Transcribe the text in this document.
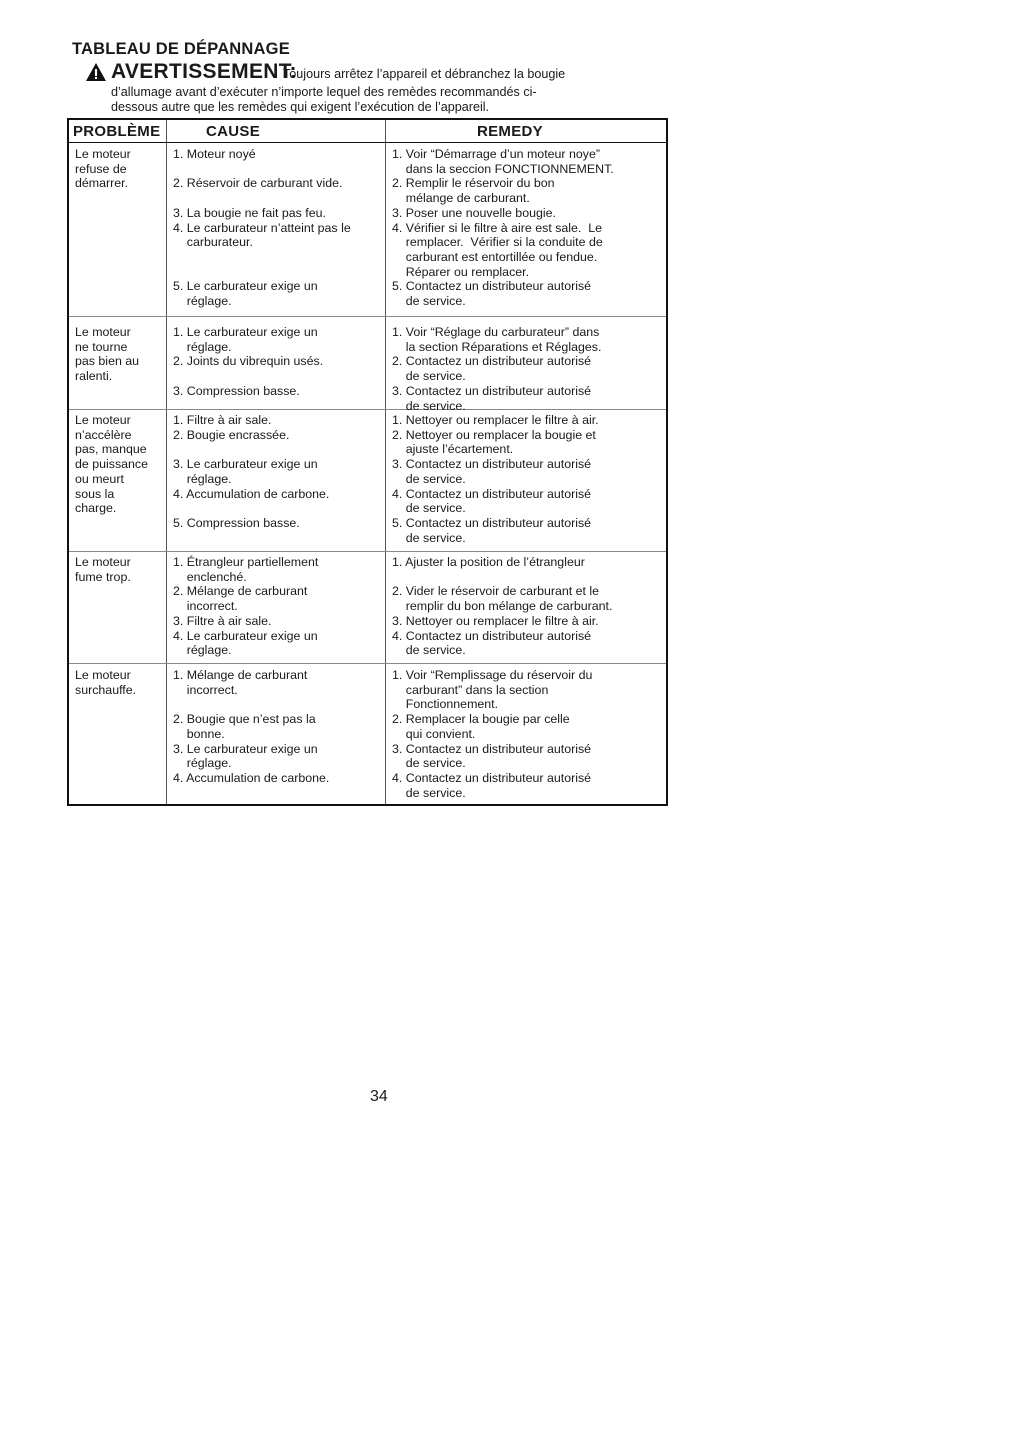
TABLEAU DE DÉPANNAGE
AVERTISSEMENT:
Toujours arrêtez l’appareil et débranchez la bougie
d’allumage avant d’exécuter n’importe lequel des remèdes recommandés ci-
dessous autre que les remèdes qui exigent l’exécution de l’appareil.
PROBLÈME	CAUSE	REMEDY
Le moteur
refuse de
démarrer.
1. Moteur noyé
2. Réservoir de carburant vide.
3. La bougie ne fait pas feu.
4. Le carburateur n’atteint pas le
carburateur.
5. Le carburateur exige un
réglage.
1. Voir “Démarrage d’un moteur noye”
dans la seccion FONCTIONNEMENT.
2. Remplir le réservoir du bon
mélange de carburant.
3. Poser une nouvelle bougie.
4. Vérifier si le filtre à aire est sale.  Le
remplacer.  Vérifier si la conduite de
carburant est entortillée ou fendue.
Réparer ou remplacer.
5. Contactez un distributeur autorisé
de service.
Le moteur
ne tourne
pas bien au
ralenti.
1. Le carburateur exige un
réglage.
2. Joints du vibrequin usés.
3. Compression basse.
1. Voir “Réglage du carburateur” dans
la section Réparations et Réglages.
2. Contactez un distributeur autorisé
de service.
3. Contactez un distributeur autorisé
de service.
Le moteur
n’accélère
pas, manque
de puissance
ou meurt
sous la
charge.
1. Filtre à air sale.
2. Bougie encrassée.
3. Le carburateur exige un
réglage.
4. Accumulation de carbone.
5. Compression basse.
1. Nettoyer ou remplacer le filtre à air.
2. Nettoyer ou remplacer la bougie et
ajuste l’écartement.
3. Contactez un distributeur autorisé
de service.
4. Contactez un distributeur autorisé
de service.
5. Contactez un distributeur autorisé
de service.
Le moteur
fume trop.
1. Étrangleur partiellement
enclenché.
2. Mélange de carburant
incorrect.
3. Filtre à air sale.
4. Le carburateur exige un
réglage.
1. Ajuster la position de l’étrangleur
2. Vider le réservoir de carburant et le
remplir du bon mélange de carburant.
3. Nettoyer ou remplacer le filtre à air.
4. Contactez un distributeur autorisé
de service.
Le moteur
surchauffe.
1. Mélange de carburant
incorrect.
2. Bougie que n’est pas la
bonne.
3. Le carburateur exige un
réglage.
4. Accumulation de carbone.
1. Voir “Remplissage du réservoir du
carburant” dans la section
Fonctionnement.
2. Remplacer la bougie par celle
qui convient.
3. Contactez un distributeur autorisé
de service.
4. Contactez un distributeur autorisé
de service.
34
